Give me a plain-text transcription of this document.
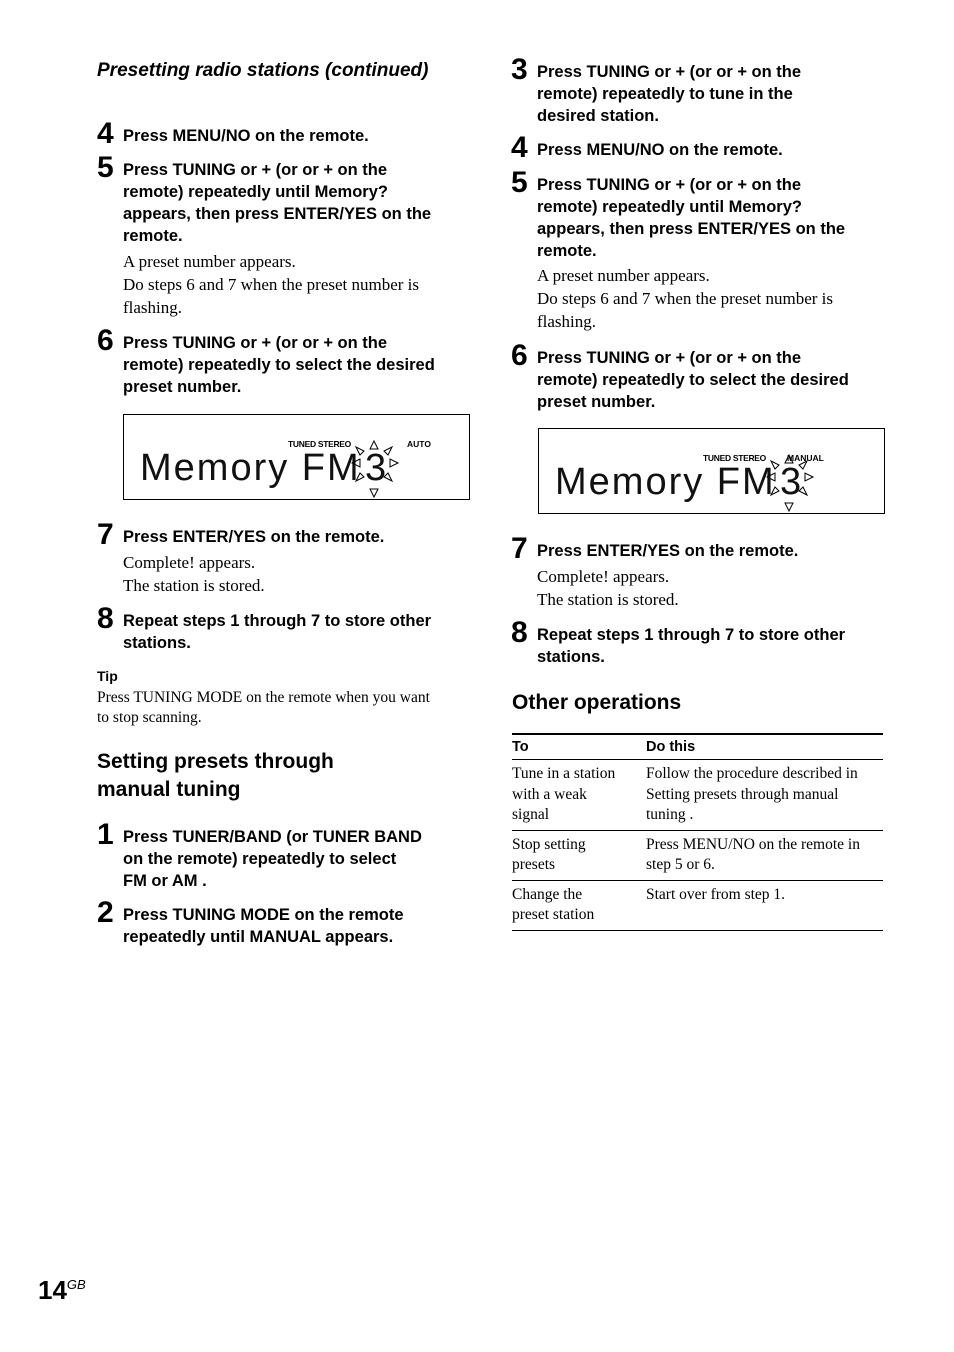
Presetting radio stations (continued)
4 Press MENU/NO on the remote.
5 Press TUNING or + (or or + on the
remote) repeatedly until Memory?
appears, then press ENTER/YES on the
remote.
A preset number appears.
Do steps 6 and 7 when the preset number is
flashing.
6 Press TUNING or + (or or + on the
remote) repeatedly to select the desired
preset number.
TUNED STEREO	AUTO
Memory FM 3
7 Press ENTER/YES on the remote.
Complete! appears.
The station is stored.
8 Repeat steps 1 through 7 to store other
stations.
Tip
Press TUNING MODE on the remote when you want
to stop scanning.
Setting presets through
manual tuning
1 Press TUNER/BAND (or TUNER BAND
on the remote) repeatedly to select
FM or AM .
2 Press TUNING MODE on the remote
repeatedly until MANUAL appears.
3 Press TUNING or + (or or + on the
remote) repeatedly to tune in the
desired station.
4 Press MENU/NO on the remote.
5 Press TUNING or + (or or + on the
remote) repeatedly until Memory?
appears, then press ENTER/YES on the
remote.
A preset number appears.
Do steps 6 and 7 when the preset number is
flashing.
6 Press TUNING or + (or or + on the
remote) repeatedly to select the desired
preset number.
TUNED STEREO MANUAL
Memory FM 3
7 Press ENTER/YES on the remote.
Complete! appears.
The station is stored.
8 Repeat steps 1 through 7 to store other
stations.
Other operations
To	Do this
Tune in a station
with a weak
signal	Follow the procedure described in
Setting presets through manual
tuning .
Stop setting
presets	Press MENU/NO on the remote in
step 5 or 6.
Change the
preset station	Start over from step 1.
$14^{GB}$
